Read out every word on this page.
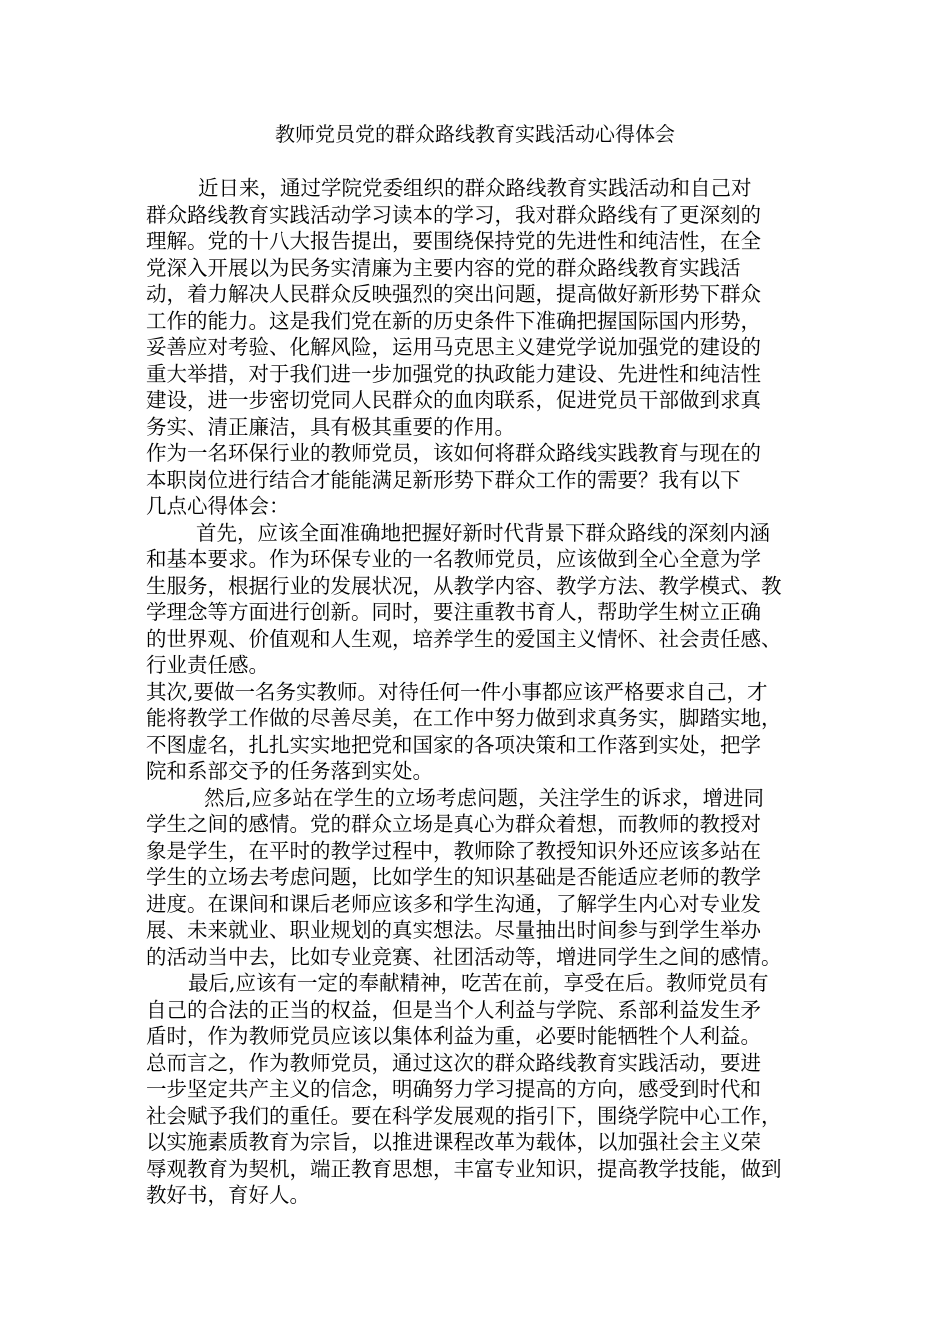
教师党员党的群众路线教育实践活动心得体会
近日来，通过学院党委组织的群众路线教育实践活动和自己对
群众路线教育实践活动学习读本的学习，我对群众路线有了更深刻的
理解。党的十八大报告提出，要围绕保持党的先进性和纯洁性，在全
党深入开展以为民务实清廉为主要内容的党的群众路线教育实践活
动，着力解决人民群众反映强烈的突出问题，提高做好新形势下群众
工作的能力。这是我们党在新的历史条件下准确把握国际国内形势，
妥善应对考验、化解风险，运用马克思主义建党学说加强党的建设的
重大举措，对于我们进一步加强党的执政能力建设、先进性和纯洁性
建设，进一步密切党同人民群众的血肉联系，促进党员干部做到求真
务实、清正廉洁，具有极其重要的作用。
作为一名环保行业的教师党员，该如何将群众路线实践教育与现在的
本职岗位进行结合才能能满足新形势下群众工作的需要？我有以下
几点心得体会：
首先，应该全面准确地把握好新时代背景下群众路线的深刻内涵
和基本要求。作为环保专业的一名教师党员，应该做到全心全意为学
生服务，根据行业的发展状况，从教学内容、教学方法、教学模式、教
学理念等方面进行创新。同时，要注重教书育人，帮助学生树立正确
的世界观、价值观和人生观，培养学生的爱国主义情怀、社会责任感、
行业责任感。
其次,要做一名务实教师。对待任何一件小事都应该严格要求自己，才
能将教学工作做的尽善尽美，在工作中努力做到求真务实，脚踏实地，
不图虚名，扎扎实实地把党和国家的各项决策和工作落到实处，把学
院和系部交予的任务落到实处。
然后,应多站在学生的立场考虑问题，关注学生的诉求，增进同
学生之间的感情。党的群众立场是真心为群众着想，而教师的教授对
象是学生，在平时的教学过程中，教师除了教授知识外还应该多站在
学生的立场去考虑问题，比如学生的知识基础是否能适应老师的教学
进度。在课间和课后老师应该多和学生沟通，了解学生内心对专业发
展、未来就业、职业规划的真实想法。尽量抽出时间参与到学生举办
的活动当中去，比如专业竞赛、社团活动等，增进同学生之间的感情。
最后,应该有一定的奉献精神，吃苦在前，享受在后。教师党员有
自己的合法的正当的权益，但是当个人利益与学院、系部利益发生矛
盾时，作为教师党员应该以集体利益为重，必要时能牺牲个人利益。
总而言之，作为教师党员，通过这次的群众路线教育实践活动，要进
一步坚定共产主义的信念，明确努力学习提高的方向，感受到时代和
社会赋予我们的重任。要在科学发展观的指引下，围绕学院中心工作，
以实施素质教育为宗旨，以推进课程改革为载体，以加强社会主义荣
辱观教育为契机，端正教育思想，丰富专业知识，提高教学技能，做到
教好书，育好人。
